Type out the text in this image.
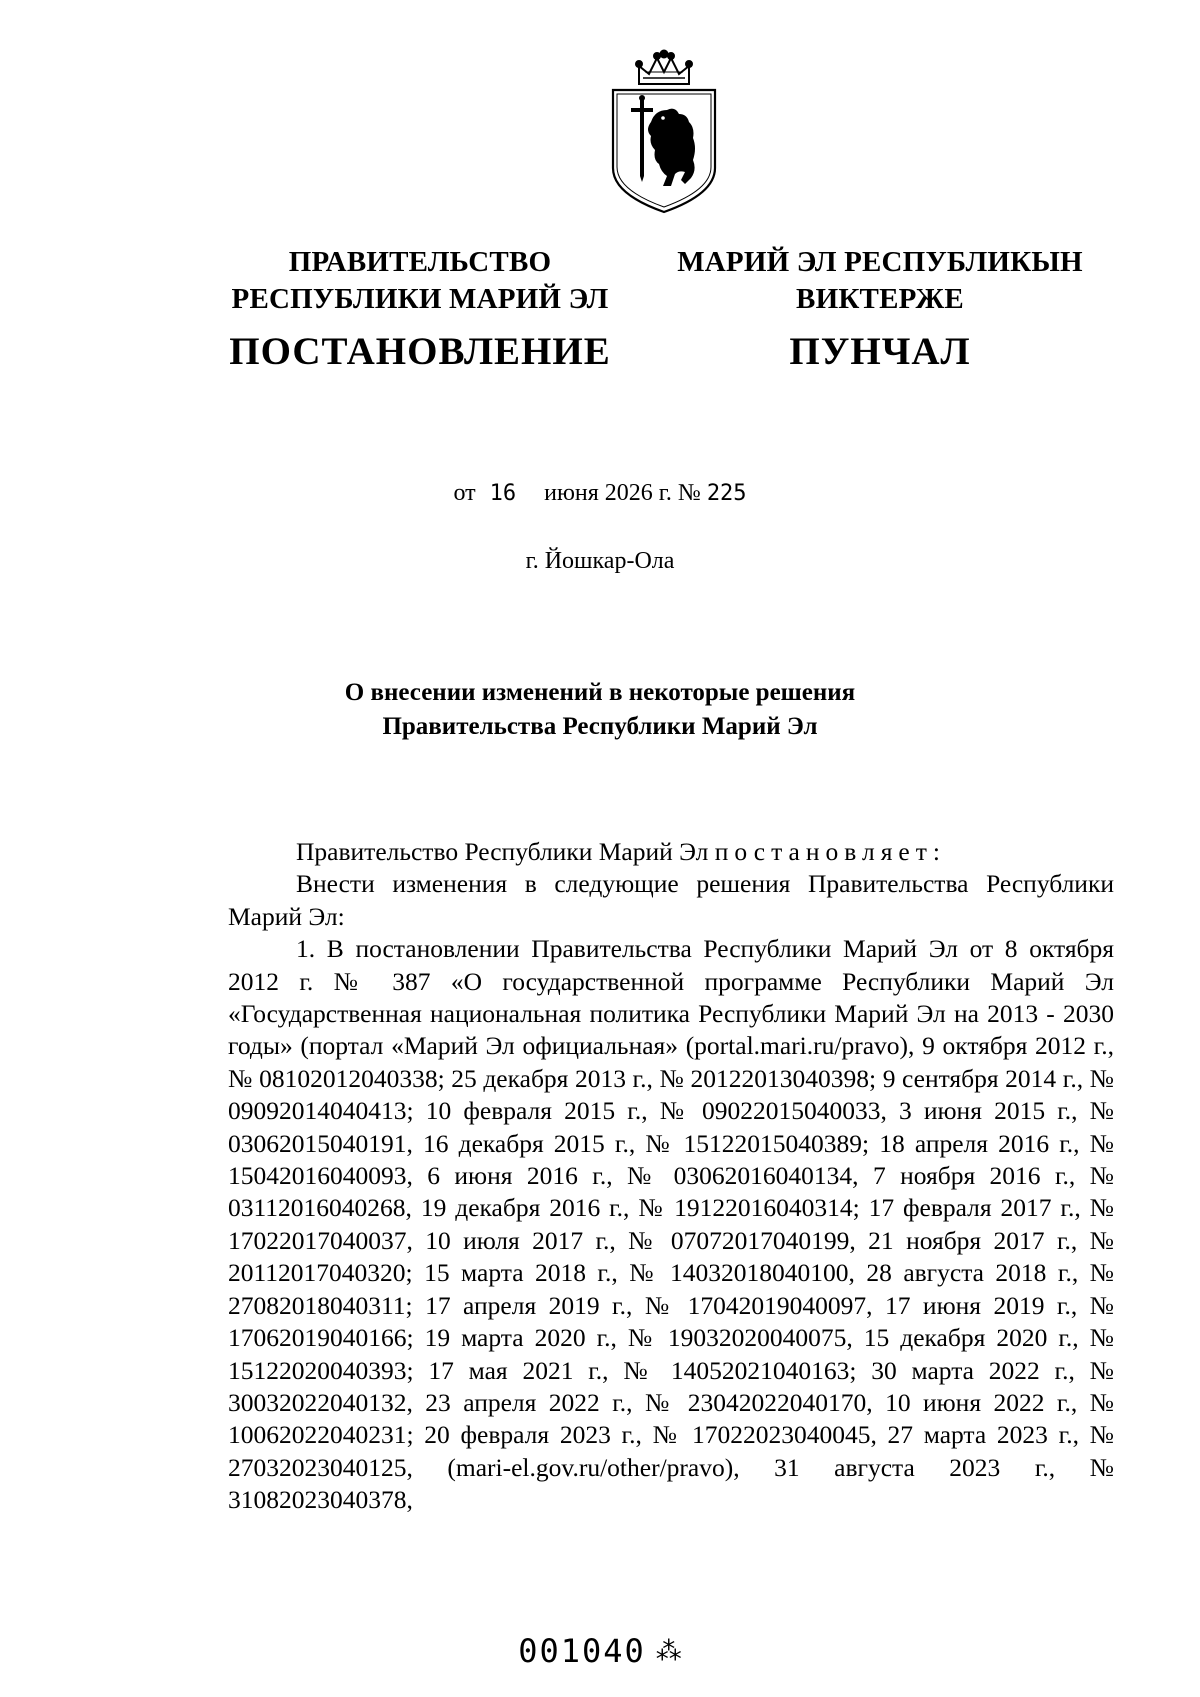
ПРАВИТЕЛЬСТВО
РЕСПУБЛИКИ МАРИЙ ЭЛ
ПОСТАНОВЛЕНИЕ
МАРИЙ ЭЛ РЕСПУБЛИКЫН
ВИКТЕРЖЕ
ПУНЧАЛ
от 16 июня 2026 г. № 225
г. Йошкар-Ола
О внесении изменений в некоторые решения
Правительства Республики Марий Эл
Правительство Республики Марий Эл постановляет:
Внести изменения в следующие решения Правительства Республики Марий Эл:
1. В постановлении Правительства Республики Марий Эл от 8 октября 2012 г. № 387 «О государственной программе Республики Марий Эл «Государственная национальная политика Республики Марий Эл на 2013 - 2030 годы» (портал «Марий Эл официальная» (portal.mari.ru/pravo), 9 октября 2012 г., № 08102012040338; 25 декабря 2013 г., № 20122013040398; 9 сентября 2014 г., № 09092014040413; 10 февраля 2015 г., № 09022015040033, 3 июня 2015 г., № 03062015040191, 16 декабря 2015 г., № 15122015040389; 18 апреля 2016 г., № 15042016040093, 6 июня 2016 г., № 03062016040134, 7 ноября 2016 г., № 03112016040268, 19 декабря 2016 г., № 19122016040314; 17 февраля 2017 г., № 17022017040037, 10 июля 2017 г., № 07072017040199, 21 ноября 2017 г., № 20112017040320; 15 марта 2018 г., № 14032018040100, 28 августа 2018 г., № 27082018040311; 17 апреля 2019 г., № 17042019040097, 17 июня 2019 г., № 17062019040166; 19 марта 2020 г., № 19032020040075, 15 декабря 2020 г., № 15122020040393; 17 мая 2021 г., № 14052021040163; 30 марта 2022 г., № 30032022040132, 23 апреля 2022 г., № 23042022040170, 10 июня 2022 г., № 10062022040231; 20 февраля 2023 г., № 17022023040045, 27 марта 2023 г., № 27032023040125, (mari-el.gov.ru/other/pravo), 31 августа 2023 г., № 31082023040378,
001040 ⁂
